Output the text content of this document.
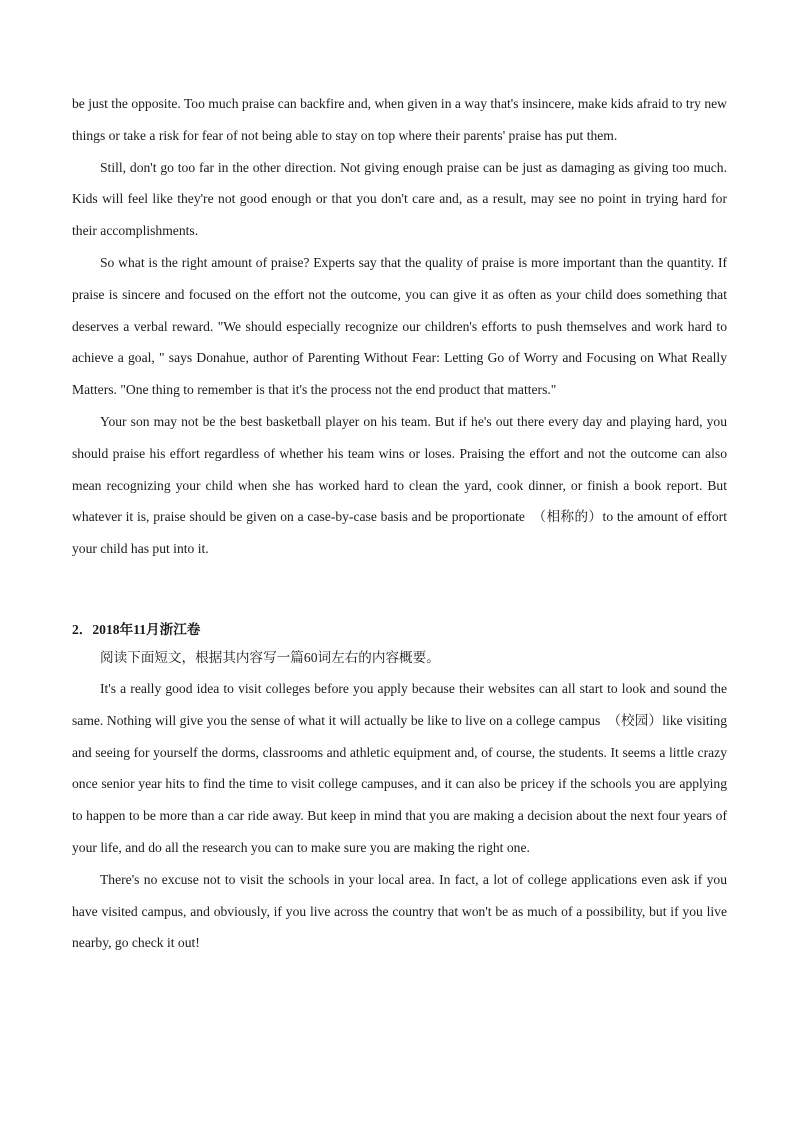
be just the opposite. Too much praise can backfire and, when given in a way that's insincere, make kids afraid to try new things or take a risk for fear of not being able to stay on top where their parents' praise has put them.

Still, don't go too far in the other direction. Not giving enough praise can be just as damaging as giving too much. Kids will feel like they're not good enough or that you don't care and, as a result, may see no point in trying hard for their accomplishments.

So what is the right amount of praise? Experts say that the quality of praise is more important than the quantity. If praise is sincere and focused on the effort not the outcome, you can give it as often as your child does something that deserves a verbal reward. "We should especially recognize our children's efforts to push themselves and work hard to achieve a goal, " says Donahue, author of Parenting Without Fear: Letting Go of Worry and Focusing on What Really Matters. "One thing to remember is that it's the process not the end product that matters."

Your son may not be the best basketball player on his team. But if he's out there every day and playing hard, you should praise his effort regardless of whether his team wins or loses. Praising the effort and not the outcome can also mean recognizing your child when she has worked hard to clean the yard, cook dinner, or finish a book report. But whatever it is, praise should be given on a case-by-case basis and be proportionate  （相称的）to the amount of effort your child has put into it.

2．2018年11月浙江卷

阅读下面短文，根据其内容写一篇60词左右的内容概要。

It's a really good idea to visit colleges before you apply because their websites can all start to look and sound the same. Nothing will give you the sense of what it will actually be like to live on a college campus  （校园）like visiting and seeing for yourself the dorms, classrooms and athletic equipment and, of course, the students. It seems a little crazy once senior year hits to find the time to visit college campuses, and it can also be pricey if the schools you are applying to happen to be more than a car ride away. But keep in mind that you are making a decision about the next four years of your life, and do all the research you can to make sure you are making the right one.

There's no excuse not to visit the schools in your local area. In fact, a lot of college applications even ask if you have visited campus, and obviously, if you live across the country that won't be as much of a possibility, but if you live nearby, go check it out!
